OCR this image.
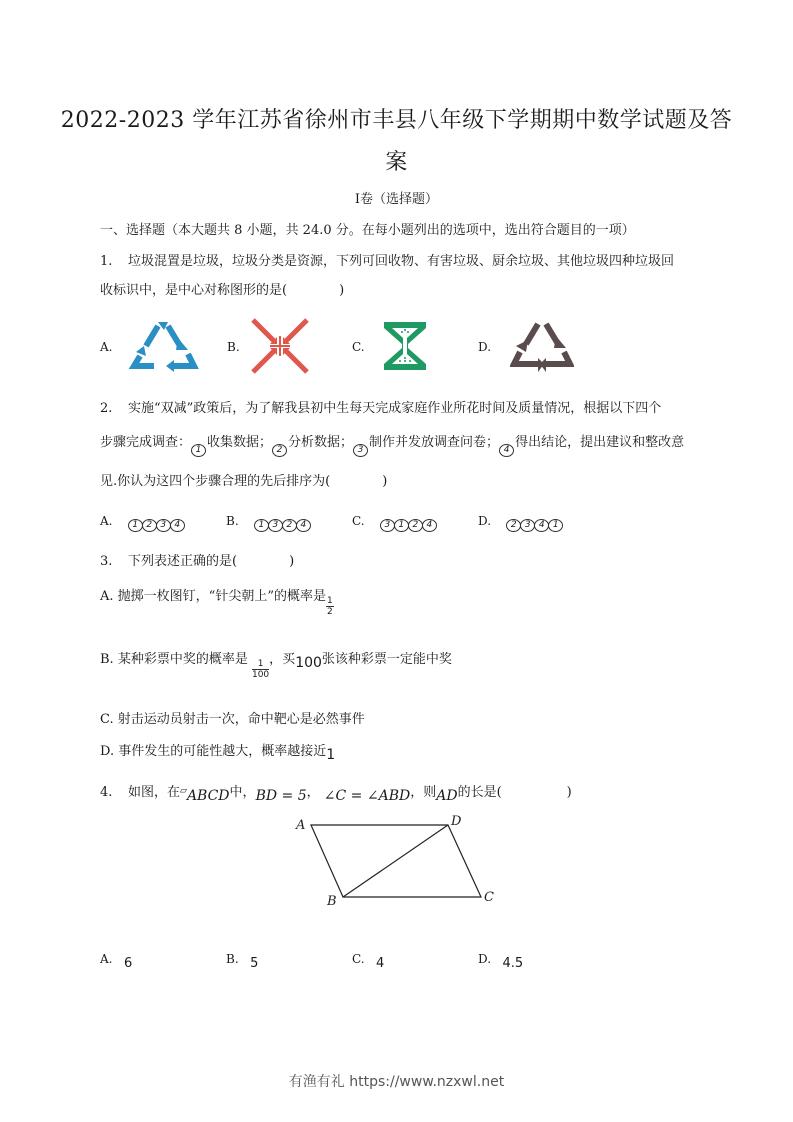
2022-2023 学年江苏省徐州市丰县八年级下学期期中数学试题及答
案
I卷（选择题）
一、选择题（本大题共 8 小题，共 24.0 分。在每小题列出的选项中，选出符合题目的一项）
1. 垃圾混置是垃圾，垃圾分类是资源，下列可回收物、有害垃圾、厨余垃圾、其他垃圾四种垃圾回
收标识中，是中心对称图形的是(　　　　)
A.	B.	C.	D.
2. 实施“双减”政策后，为了解我县初中生每天完成家庭作业所花时间及质量情况，根据以下四个
步骤完成调查： 1 收集数据； 2 分析数据； 3 制作并发放调查问卷； 4 得出结论，提出建议和整改意
见.你认为这四个步骤合理的先后排序为(　　　　)
A. 1 2 3 4	B. 1 3 2 4	C. 3 1 2 4	D. 2 3 4 1
3. 下列表述正确的是(　　　　)
A. 抛掷一枚图钉，“针尖朝上”的概率是 $\frac{1}{2}$
B. 某种彩票中奖的概率是 $\frac{1}{100}$ ，买100张该种彩票一定能中奖
C. 射击运动员射击一次，命中靶心是必然事件
D. 事件发生的可能性越大，概率越接近1
4. 如图，在▱ABCD中，BD = 5， ∠C = ∠ABD，则AD的长是(　　　　　)
A	D
B	C
A. 6	B. 5	C. 4	D. 4.5
有渔有礼 https://www.nzxwl.net
